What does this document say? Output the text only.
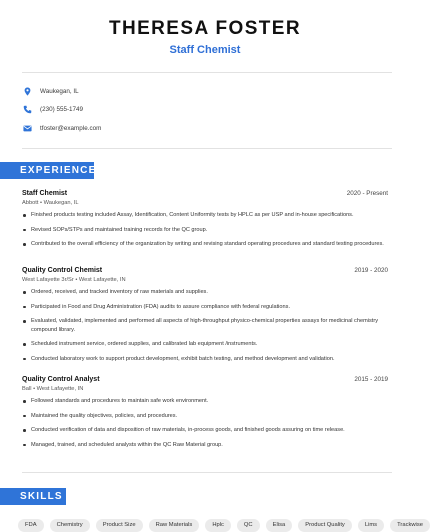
THERESA FOSTER
Staff Chemist
Waukegan, IL
(230) 555-1749
tfoster@example.com
EXPERIENCE
Staff Chemist	2020 - Present
Abbott • Waukegan, IL
Finished products testing included Assay, Identification, Content Uniformity tests by HPLC as per USP and in-house specifications.
Revised SOPs/STPs and maintained training records for the QC group.
Contributed to the overall efficiency of the organization by writing and revising standard operating procedures and standard testing procedures.
Quality Control Chemist	2019 - 2020
West Lafayette 3r/Sr • West Lafayette, IN
Ordered, received, and tracked inventory of raw materials and supplies.
Participated in Food and Drug Administration (FDA) audits to assure compliance with federal regulations.
Evaluated, validated, implemented and performed all aspects of high-throughput physico-chemical properties assays for medicinal chemistry compound library.
Scheduled instrument service, ordered supplies, and calibrated lab equipment /instruments.
Conducted laboratory work to support product development, exhibit batch testing, and method development and validation.
Quality Control Analyst	2015 - 2019
Ball • West Lafayette, IN
Followed standards and procedures to maintain safe work environment.
Maintained the quality objectives, policies, and procedures.
Conducted verification of data and disposition of raw materials, in-process goods, and finished goods assuring on time release.
Managed, trained, and scheduled analysts within the QC Raw Material group.
SKILLS
FDA	Chemistry	Product Size	Raw Materials	Hplc	QC	Elisa	Product Quality	Lims	Trackwise
